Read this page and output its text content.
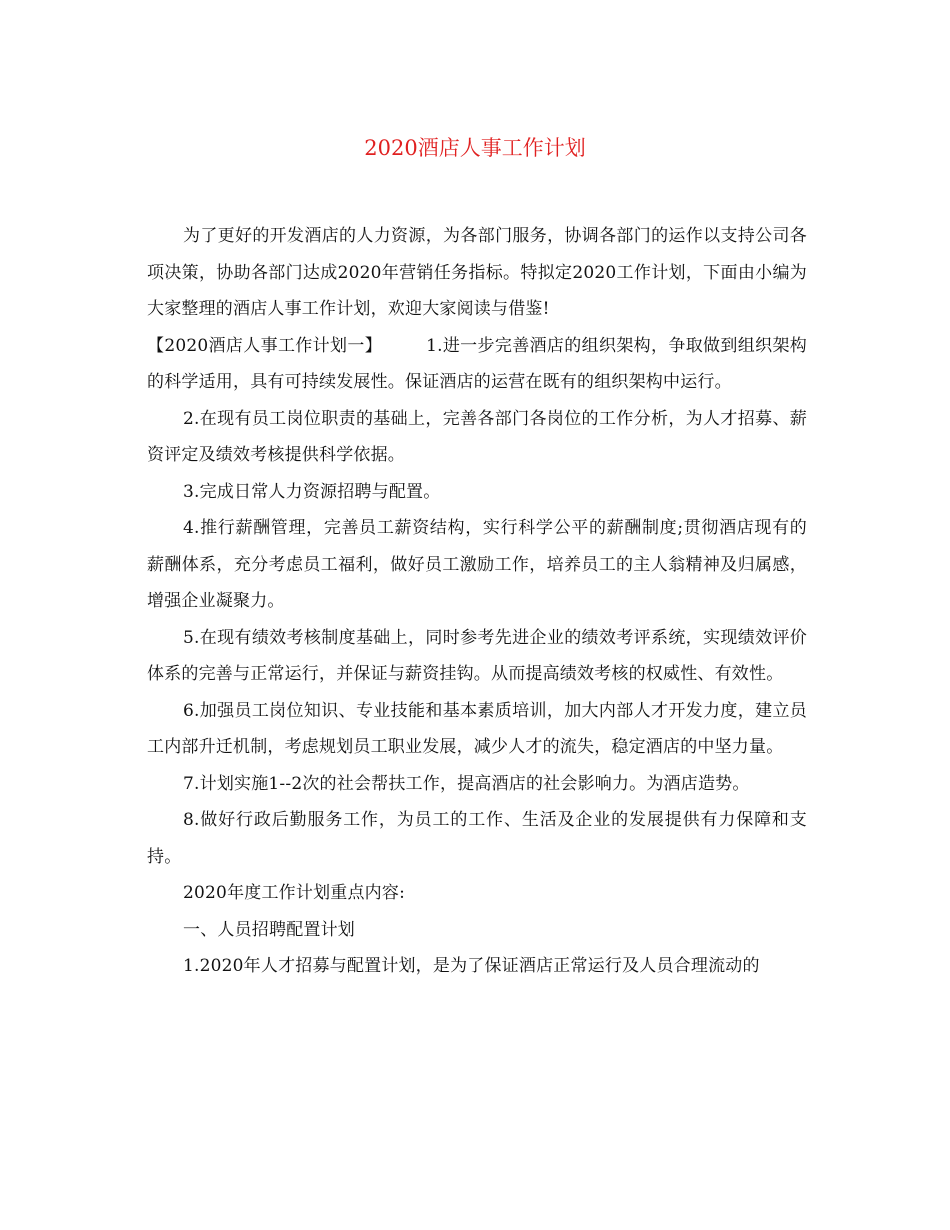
2020酒店人事工作计划

为了更好的开发酒店的人力资源，为各部门服务，协调各部门的运作以支持公司各项决策，协助各部门达成2020年营销任务指标。特拟定2020工作计划，下面由小编为大家整理的酒店人事工作计划，欢迎大家阅读与借鉴!

【2020酒店人事工作计划一】	1.进一步完善酒店的组织架构，争取做到组织架构的科学适用，具有可持续发展性。保证酒店的运营在既有的组织架构中运行。

2.在现有员工岗位职责的基础上，完善各部门各岗位的工作分析，为人才招募、薪资评定及绩效考核提供科学依据。

3.完成日常人力资源招聘与配置。

4.推行薪酬管理，完善员工薪资结构，实行科学公平的薪酬制度;贯彻酒店现有的薪酬体系，充分考虑员工福利，做好员工激励工作，培养员工的主人翁精神及归属感，增强企业凝聚力。

5.在现有绩效考核制度基础上，同时参考先进企业的绩效考评系统，实现绩效评价体系的完善与正常运行，并保证与薪资挂钩。从而提高绩效考核的权威性、有效性。

6.加强员工岗位知识、专业技能和基本素质培训，加大内部人才开发力度，建立员工内部升迁机制，考虑规划员工职业发展，减少人才的流失，稳定酒店的中坚力量。

7.计划实施1--2次的社会帮扶工作，提高酒店的社会影响力。为酒店造势。

8.做好行政后勤服务工作，为员工的工作、生活及企业的发展提供有力保障和支持。

2020年度工作计划重点内容:

一、人员招聘配置计划

1.2020年人才招募与配置计划，是为了保证酒店正常运行及人员合理流动的
